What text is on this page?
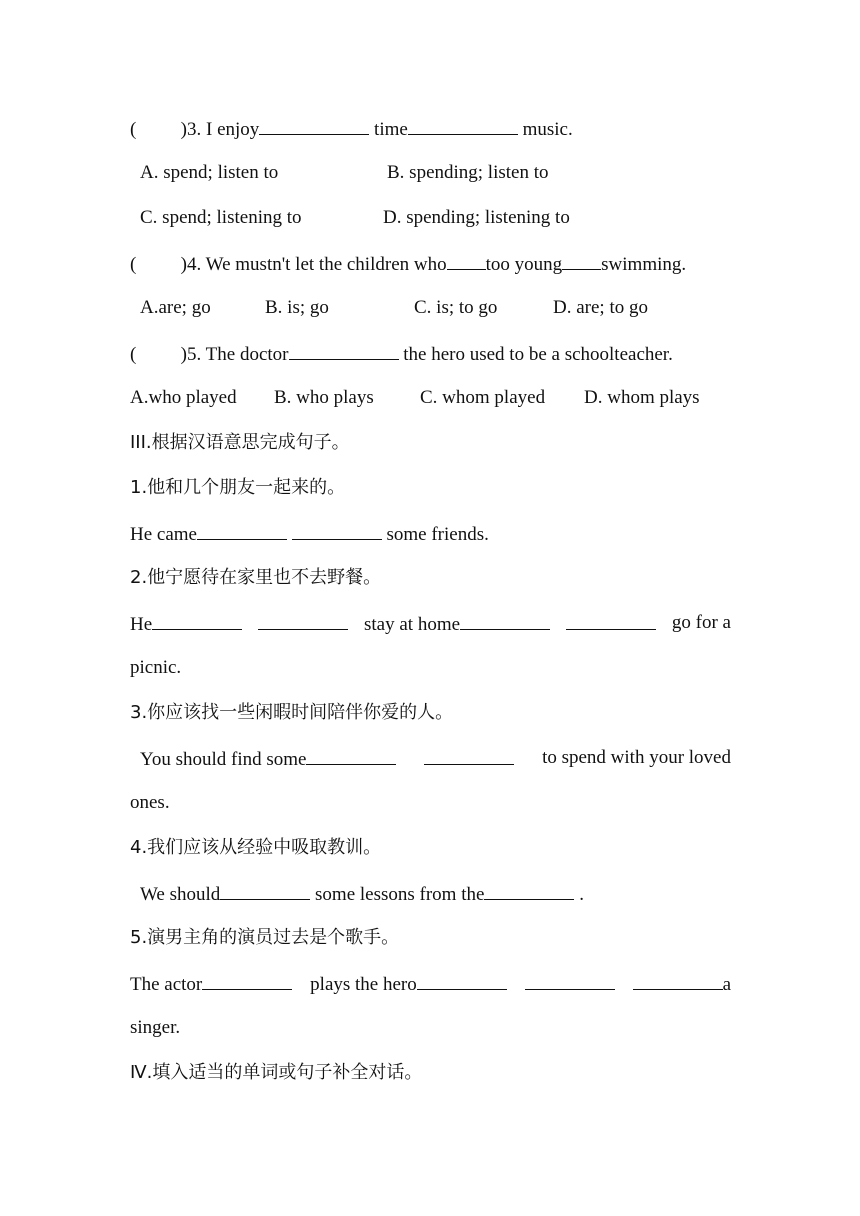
( ) 3. I enjoy	time	music.
A. spend; listen to	B. spending; listen to
C. spend; listening to	D. spending; listening to
( ) 4. We mustn't let the children who too young swimming.
A.are; go	B. is; go	C. is; to go	D. are; to go
( ) 5. The doctor	the hero used to be a schoolteacher.
A.who played B. who plays C. whom played D. whom plays
III.根据汉语意思完成句子。
1.他和几个朋友一起来的。
He came	some friends.
2.他宁愿待在家里也不去野餐。
He	stay at home	go for a
picnic.
3.你应该找一些闲暇时间陪伴你爱的人。
You should find some	to spend with your loved
ones.
4.我们应该从经验中吸取教训。
We should	some lessons from the	.
5.演男主角的演员过去是个歌手。
The actor	plays the hero	a
singer.
Ⅳ.填入适当的单词或句子补全对话。
